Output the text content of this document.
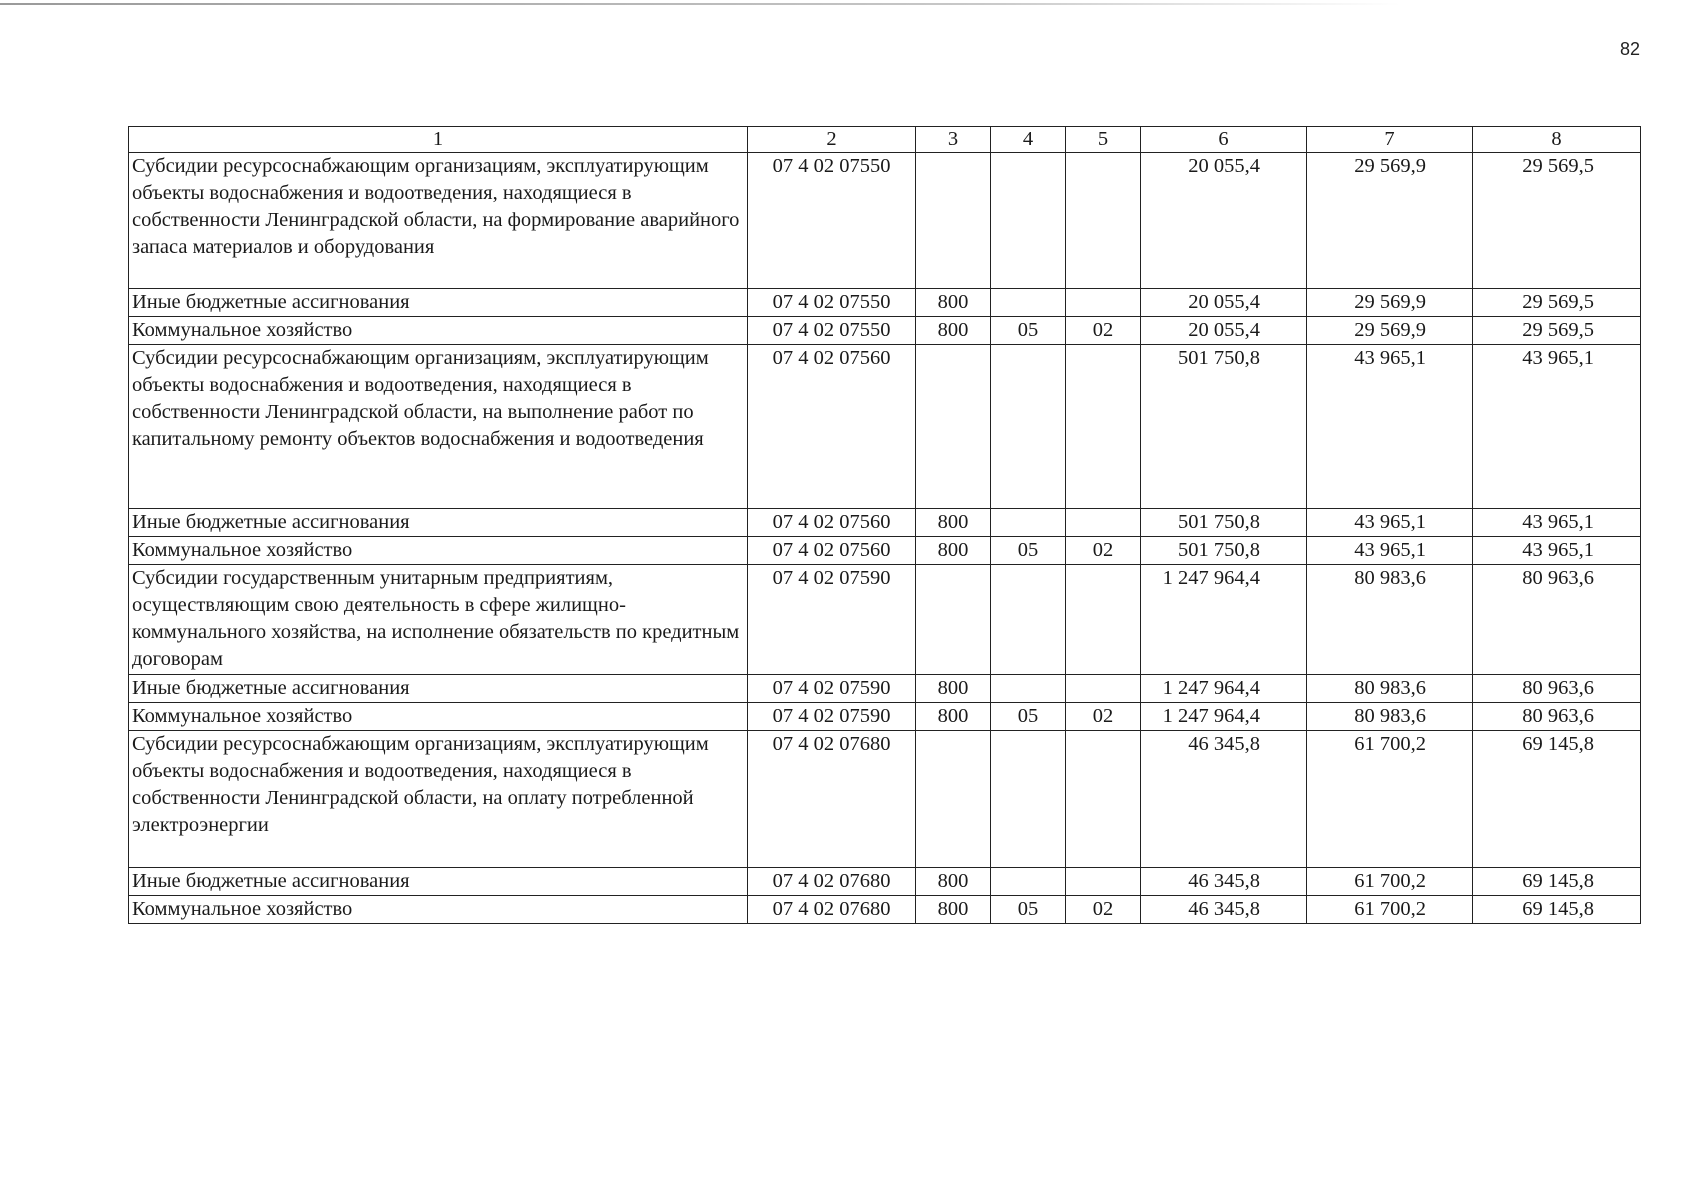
82
1	2	3	4	5	6	7	8
Субсидии ресурсоснабжающим организациям, эксплуатирующим объекты водоснабжения и водоотведения, находящиеся в собственности Ленинградской области, на формирование аварийного запаса материалов и оборудования	07 4 02 07550				20 055,4	29 569,9	29 569,5
Иные бюджетные ассигнования	07 4 02 07550	800			20 055,4	29 569,9	29 569,5
Коммунальное хозяйство	07 4 02 07550	800	05	02	20 055,4	29 569,9	29 569,5
Субсидии ресурсоснабжающим организациям, эксплуатирующим объекты водоснабжения и водоотведения, находящиеся в собственности Ленинградской области, на выполнение работ по капитальному ремонту объектов водоснабжения и водоотведения	07 4 02 07560				501 750,8	43 965,1	43 965,1
Иные бюджетные ассигнования	07 4 02 07560	800			501 750,8	43 965,1	43 965,1
Коммунальное хозяйство	07 4 02 07560	800	05	02	501 750,8	43 965,1	43 965,1
Субсидии государственным унитарным предприятиям, осуществляющим свою деятельность в сфере жилищно-коммунального хозяйства, на исполнение обязательств по кредитным договорам	07 4 02 07590				1 247 964,4	80 983,6	80 963,6
Иные бюджетные ассигнования	07 4 02 07590	800			1 247 964,4	80 983,6	80 963,6
Коммунальное хозяйство	07 4 02 07590	800	05	02	1 247 964,4	80 983,6	80 963,6
Субсидии ресурсоснабжающим организациям, эксплуатирующим объекты водоснабжения и водоотведения, находящиеся в собственности Ленинградской области, на оплату потребленной электроэнергии	07 4 02 07680				46 345,8	61 700,2	69 145,8
Иные бюджетные ассигнования	07 4 02 07680	800			46 345,8	61 700,2	69 145,8
Коммунальное хозяйство	07 4 02 07680	800	05	02	46 345,8	61 700,2	69 145,8
